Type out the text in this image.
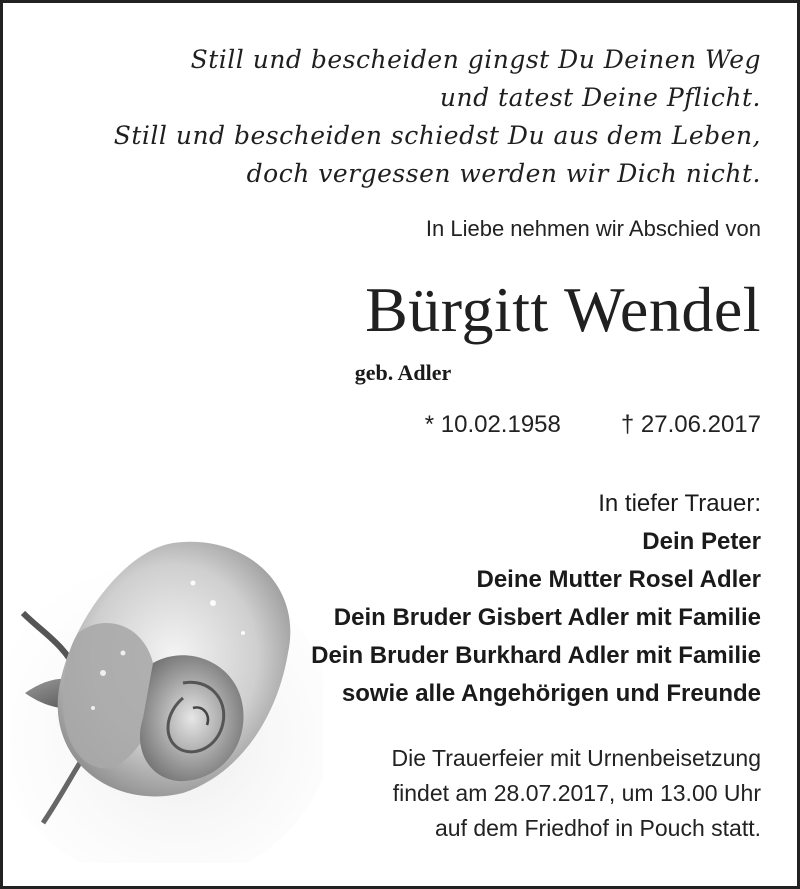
Still und bescheiden gingst Du Deinen Weg
und tatest Deine Pflicht.
Still und bescheiden schiedst Du aus dem Leben,
doch vergessen werden wir Dich nicht.
In Liebe nehmen wir Abschied von
Bürgitt Wendel
geb. Adler
* 10.02.1958	† 27.06.2017
In tiefer Trauer:
Dein Peter
Deine Mutter Rosel Adler
Dein Bruder Gisbert Adler mit Familie
Dein Bruder Burkhard Adler mit Familie
sowie alle Angehörigen und Freunde
Die Trauerfeier mit Urnenbeisetzung
findet am 28.07.2017, um 13.00 Uhr
auf dem Friedhof in Pouch statt.
